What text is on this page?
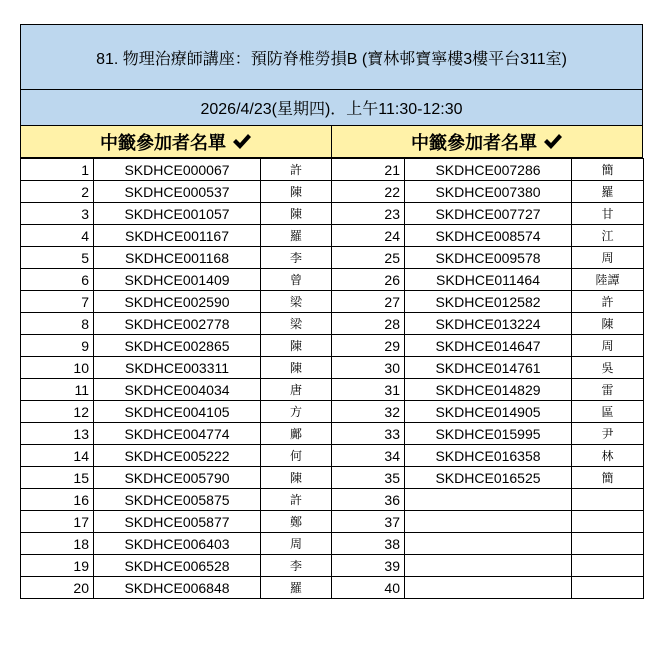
81. 物理治療師講座：預防脊椎勞損B (寶林邨寶寧樓3樓平台311室)
2026/4/23(星期四)．上午11:30-12:30
中籤參加者名單	中籤參加者名單
1	SKDHCE000067	許	21	SKDHCE007286	簡
2	SKDHCE000537	陳	22	SKDHCE007380	羅
3	SKDHCE001057	陳	23	SKDHCE007727	甘
4	SKDHCE001167	羅	24	SKDHCE008574	江
5	SKDHCE001168	李	25	SKDHCE009578	周
6	SKDHCE001409	曾	26	SKDHCE011464	陸譚
7	SKDHCE002590	梁	27	SKDHCE012582	許
8	SKDHCE002778	梁	28	SKDHCE013224	陳
9	SKDHCE002865	陳	29	SKDHCE014647	周
10	SKDHCE003311	陳	30	SKDHCE014761	吳
11	SKDHCE004034	唐	31	SKDHCE014829	雷
12	SKDHCE004105	方	32	SKDHCE014905	區
13	SKDHCE004774	鄺	33	SKDHCE015995	尹
14	SKDHCE005222	何	34	SKDHCE016358	林
15	SKDHCE005790	陳	35	SKDHCE016525	簡
16	SKDHCE005875	許	36		
17	SKDHCE005877	鄭	37		
18	SKDHCE006403	周	38		
19	SKDHCE006528	李	39		
20	SKDHCE006848	羅	40		
